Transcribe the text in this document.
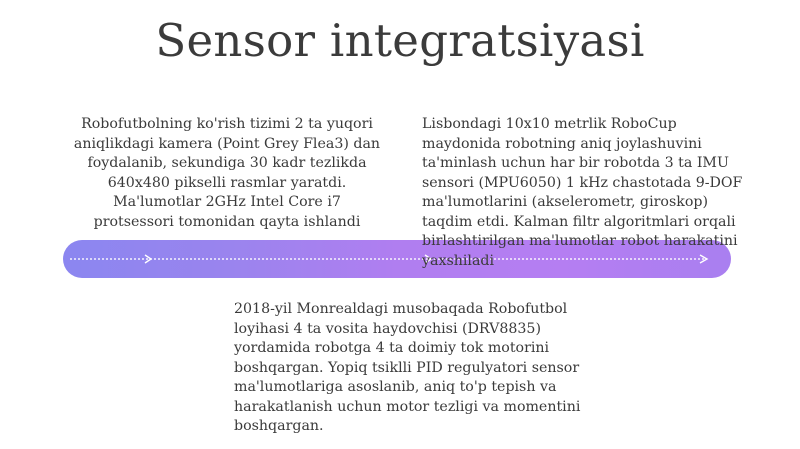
Sensor integratsiyasi
Robofutbolning ko'rish tizimi 2 ta yuqori aniqlikdagi kamera (Point Grey Flea3) dan foydalanib, sekundiga 30 kadr tezlikda 640x480 pikselli rasmlar yaratdi. Ma'lumotlar 2GHz Intel Core i7 protsessori tomonidan qayta ishlandi
Lisbondagi 10x10 metrlik RoboCup maydonida robotning aniq joylashuvini ta'minlash uchun har bir robotda 3 ta IMU sensori (MPU6050) 1 kHz chastotada 9-DOF ma'lumotlarini (akselerometr, giroskop) taqdim etdi. Kalman filtr algoritmlari orqali birlashtirilgan ma'lumotlar robot harakatini yaxshiladi
2018-yil Monrealdagi musobaqada Robofutbol loyihasi 4 ta vosita haydovchisi (DRV8835) yordamida robotga 4 ta doimiy tok motorini boshqargan. Yopiq tsiklli PID regulyatori sensor ma'lumotlariga asoslanib, aniq to'p tepish va harakatlanish uchun motor tezligi va momentini boshqargan.
